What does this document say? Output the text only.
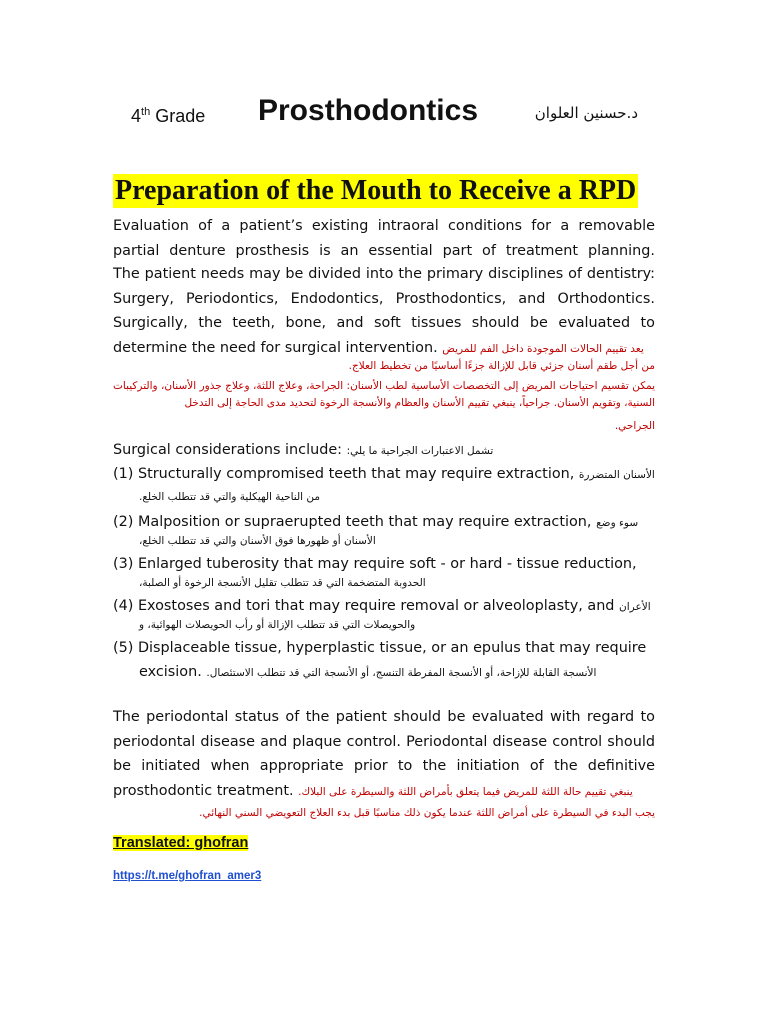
4th Grade Prosthodontics	د.حسنين العلوان
Preparation of the Mouth to Receive a RPD
Evaluation of a patient’s existing intraoral conditions for a removable partial denture prosthesis is an essential part of treatment planning.
The patient needs may be divided into the primary disciplines of dentistry: Surgery, Periodontics, Endodontics, Prosthodontics, and Orthodontics. Surgically, the teeth, bone, and soft tissues should be evaluated to determine the need for surgical intervention. يعد تقييم الحالات الموجودة داخل الفم للمريض
من أجل طقم أسنان جزئي قابل للإزالة جزءًا أساسيًا من تخطيط العلاج.
يمكن تقسيم احتياجات المريض إلى التخصصات الأساسية لطب الأسنان: الجراحة، وعلاج اللثة، وعلاج جذور الأسنان، والتركيبات السنية، وتقويم الأسنان. جراحياً، ينبغي تقييم الأسنان والعظام والأنسجة الرخوة لتحديد مدى الحاجة إلى التدخل
الجراحي.
Surgical considerations include: تشمل الاعتبارات الجراحية ما يلي:
(1) Structurally compromised teeth that may require extraction, الأسنان المتضررة
من الناحية الهيكلية والتي قد تتطلب الخلع.
(2) Malposition or supraerupted teeth that may require extraction, سوء وضع
الأسنان أو ظهورها فوق الأسنان والتي قد تتطلب الخلع،
(3) Enlarged tuberosity that may require soft - or hard - tissue reduction,
الحدوبة المتضخمة التي قد تتطلب تقليل الأنسجة الرخوة أو الصلبة،
(4) Exostoses and tori that may require removal or alveoloplasty, and الأعران
والحويصلات التي قد تتطلب الإزالة أو رأب الحويصلات الهوائية، و
(5) Displaceable tissue, hyperplastic tissue, or an epulus that may require
excision. الأنسجة القابلة للإزاحة، أو الأنسجة المفرطة التنسج، أو الأنسجة التي قد تتطلب الاستئصال.
The periodontal status of the patient should be evaluated with regard to periodontal disease and plaque control. Periodontal disease control should be initiated when appropriate prior to the initiation of the definitive prosthodontic treatment. ينبغي تقييم حالة اللثة للمريض فيما يتعلق بأمراض اللثة والسيطرة على البلاك.
يجب البدء في السيطرة على أمراض اللثة عندما يكون ذلك مناسبًا قبل بدء العلاج التعويضي السني النهائي.
Translated: ghofran
https://t.me/ghofran_amer3
